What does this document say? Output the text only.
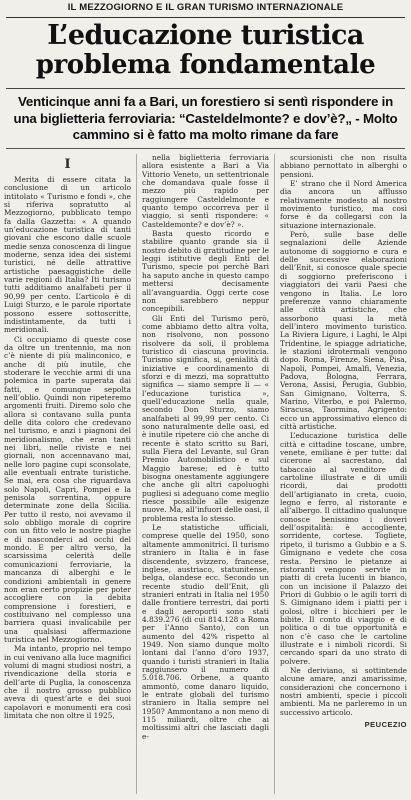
IL MEZZOGIORNO E IL GRAN TURISMO INTERNAZIONALE
L’educazione turistica
problema fondamentale
Venticinque anni fa a Bari, un forestiero si sentì rispondere in una biglietteria ferroviaria: “Casteldelmonte? e dov’è?„ - Molto cammino si è fatto ma molto rimane da fare
I

Merita di essere citata la conclusione di un articolo intitolato « Turismo e fondi », che si riferiva sopratutto al Mezzogiorno, pubblicato tempo fa dalla Gazzetta: « A quando un’educazione turistica di tanti giovani che escono dalle scuole medie senza conoscenza di lingue moderne, senza idea dei sistemi turistici, né delle attrattive artistiche paesaggistiche delle varie regioni di Italia? Iti turismo tutti additiamo analfabeti per il 90,99 per cento. L’articolo è di Luigi Sturzo, e le parole riportate possono essere sottoscritte, indistintamente, da tutti i meridionali.

Ci occupiamo di queste cose da oltre un trentennio, ma non c’è niente di più malinconico, e anche di più inutile, che stoderare le vecchie armi di una polemica in parte superata dai fatti, e comunque sepolta nell’oblio. Quindi non ripeteremo argomenti fruiti. Diremo solo che allora si contavano sulla punta delle dita coloro che credevano nel turismo, e anzi i piagnoni del meridionalismo, che eran tanti nei libri, nelle riviste e nei giornali, non accennavano mai, nelle loro pagine cupi sconsolate, alle eventuali entrate turistiche. Se mai, era cosa che riguardava solo Napoli, Capri, Pompei e la penisola sorrentina, oppure determinate zone della Sicilia. Per tutto il resto, noi avevamo il solo obbligo morale di coprire con un fitto velo le nostre piaghe e di nasconderci ad occhi del mondo. E per altro verso, la scarsissima celerità delle comunicazioni ferroviarie, la mancanza di alberghi e le condizioni ambientali in genere non eran certo propizie per poter accogliere con la debita comprensione i forestieri, e costituivano nel complesso una barriera quasi invalicabile per una qualsiasi affermazione turistica nel Mezzogiorno.

Ma intanto, proprio nel tempo in cui venivano alla luce magnifici volumi di magni studiosi nostri, a rivendicazione della storia e dell’arte di Puglia, la conoscenza che il nostro grosso pubblico aveva di quest’arte e dei suoi capolavori e monumenti era così limitata che non oltre il 1925,

nella biglietteria ferroviaria allora esistente a Bari a Via Vittorio Veneto, un settentrionale che domandava quale fosse il mezzo più rapido per raggiungere Casteldelmonte e quanto tempo occorreva per il viaggio, si sentì rispondere: « Casteldemonte? e dov’è? ».

Basta questo ricordo e stabilire quanto grande sia il nostro debito di gratitudine per le leggi istitutive degli Enti del Turismo, specie poi perchè Bari ha saputo anche in questo campo mettersi decisamente all’avanguardia. Oggi certe cose non sarebbero neppur concepibili.

Gli Enti del Turismo però, come abbiamo detto altra volta, non risolvono, non possono risolvere da soli, il problema turistico di ciascuna provincia. Turismo significa, si, genialità di iniziative e coordinamento di sforzi e di mezzi, ma soprattutto significa — siamo sempre li — « l’educazione turistica », quell’educazione nella quale, secondo Don Sturzo, siamo analfabeti al 99,99 per cento. Ci sono naturalmente delle oasi, ed è inutile ripetere ciò che anche di recente è stato scritto su Bari, sulla Fiera del Levante, sul Gran Premio Automobilistico e sul Maggio barese; ed è tutto bisogna onestamente aggiungere che anche gli altri capoluoghi pugliesi si adeguano come meglio riesce possibile alle esigenze nuove. Ma, all’infuori delle oasi, il problema resta lo stesso.

Le statistiche ufficiali, comprese quelle del 1950, sono altamente ammonitrici. Il turismo straniero in Italia è in fase discendente, svizzero, francese, inglese, austriaco, statunitense, belga, olandese ecc. Secondo un recente studio dell’Enit, gli stranieri entrati in Italia nel 1950 dalle frontiere terrestri, dai porti e dagli aeroporti sono stati 4.839.276 (di cui 814.128 a Roma per l’Anno Santo), con un aumento del 42% rispetto al 1949. Non siamo dunque molto lontani dal l’anno d’oro 1937, quando i turisti stranieri in Italia raggiunsero il numero di 5.018.706. Orbene, a quanto ammontò, come danaro liquido, le entrate globali del turismo straniero in Italia sempre nel 1950? Ammontano a non meno di 115 miliardi, oltre che ai moltissimi altri che lasciati dagli e-

scursionisti che non risulta abbiano pernottato in alberghi o pensioni.

E’ strano che il Nord America dia ancora un afflusso relativamente modesto al nostro movimento turistico, ma così forse è da collegarsi con la situazione internazionale.

Però, sulle base delle segnalazioni delle Aziende autonome di soggiorno e cura e delle successive elaborazioni dell’Enit, si conosce quale specie di soggiorno preferiscono i viaggiatori dei varii Paesi che vengono in Italia. Le loro preferenze vanno chiaramente alle città artistiche, che assorbono quasi la metà dell’intero movimento turistico. La Riviera Ligure, i Laghi, le Alpi Tridentine, le spiagge adriatiche, le stazioni idrotermali vengono dopo. Roma, Firenze, Siena, Pisa, Napoli, Pompei, Amalfi, Venezia, Padova, Bologna, Ferrara, Verona, Assisi, Perugia, Gubbio, San Gimignano, Volterra, S. Marino, Viterbo, e poi Palermo, Siracusa, Taormina, Agrigento: ecco un approssimativo elenco di città artistiche.

L’educazione turistica delle città e cittadine toscane, umbre, venete, emiliane è per tutte: dal cicerone al sacrestano, dal tabaccaio al venditore di cartoline illustrate e di umili ricordi, dai prodotti dell’artigianato in creta, cuoio, legno e ferro, al ristorante e all’albergo. Il cittadino qualunque conosce benissimo i doveri dell’ospitalità: è accogliente, sorridente, cortese. Togliete, ripeto, il turismo a Gubbio e a S. Gimignano e vedete che cosa resta. Persino le pietanze ai ristoranti vengono servite in piatti di creta lucenti in bianco, con un incisione il Palazzo dei Priori di Gubbio o le agili torri di S. Gimignano idem i piatti per i golosi, oltre i bicchieri per le bibite. Il conto di viaggio e di politica o di tue opportunità e non c’è caso che le cartoline illustrate e i nimboli ricordi. Si cercando spari da uno strato di polvere.

Ne deriviano, si sottintende alcune amare, anzi amarissime, considerazioni che concernono i nostri ambienti, specie i piccoli ambienti. Ma ne parleremo in un successivo articolo.

PEUCEZIO
